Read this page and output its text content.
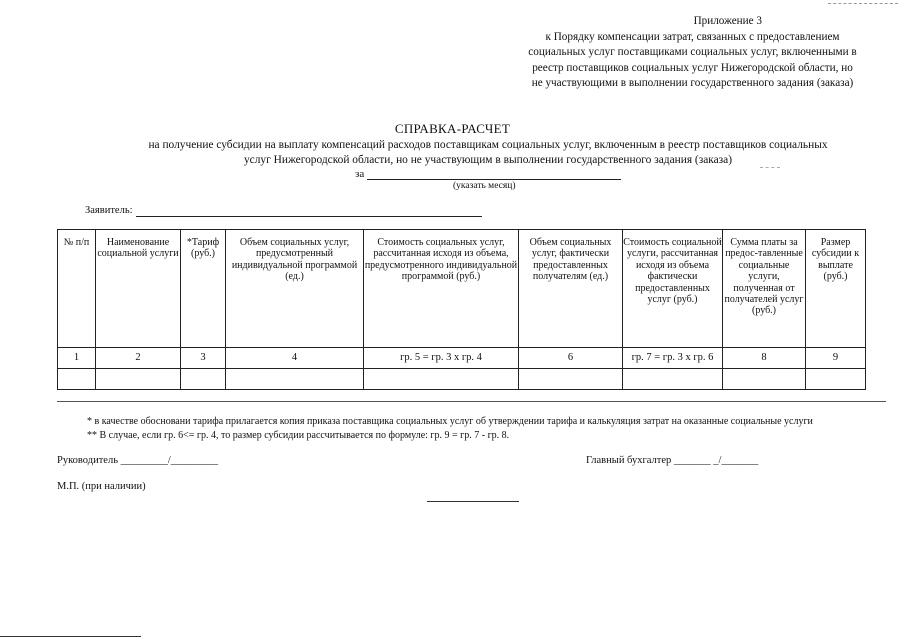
Приложение 3
к Порядку компенсации затрат, связанных с предоставлением
социальных услуг поставщиками социальных услуг, включенными в
реестр поставщиков социальных услуг Нижегородской области, но
не участвующими в выполнении государственного задания (заказа)
СПРАВКА-РАСЧЕТ
на получение субсидии на выплату компенсаций расходов поставщикам социальных услуг, включенным в реестр поставщиков социальных
услуг Нижегородской области, но не участвующим в выполнении государственного задания (заказа)
за
(указать месяц)
Заявитель:
№ п/п	Наименование социальной услуги	*Тариф (руб.)	Объем социальных услуг, предусмотренный индивидуальной программой (ед.)	Стоимость социальных услуг, рассчитанная исходя из объема, предусмотренного индивидуальной программой (руб.)	Объем социальных услуг, фактически предоставленных получателям (ед.)	Стоимость социальной услуги, рассчитанная исходя из объема фактически предоставленных услуг (руб.)	Сумма платы за предос-тавленные социальные услуги, полученная от получателей услуг (руб.)	Размер субсидии к выплате (руб.)
1	2	3	4	гр. 5 = гр. 3 x гр. 4	6	гр. 7 = гр. 3 x гр. 6	8	9

* в качестве обосновани тарифа прилагается копия приказа поставщика социальных услуг об утверждении тарифа и калькуляция затрат на оказанные социальные услуги
** В случае, если гр. 6<= гр. 4, то размер субсидии рассчитывается по формуле: гр. 9 = гр. 7 - гр. 8.
Руководитель _________/_________	Главный бухгалтер _______ _/_______
М.П. (при наличии)
